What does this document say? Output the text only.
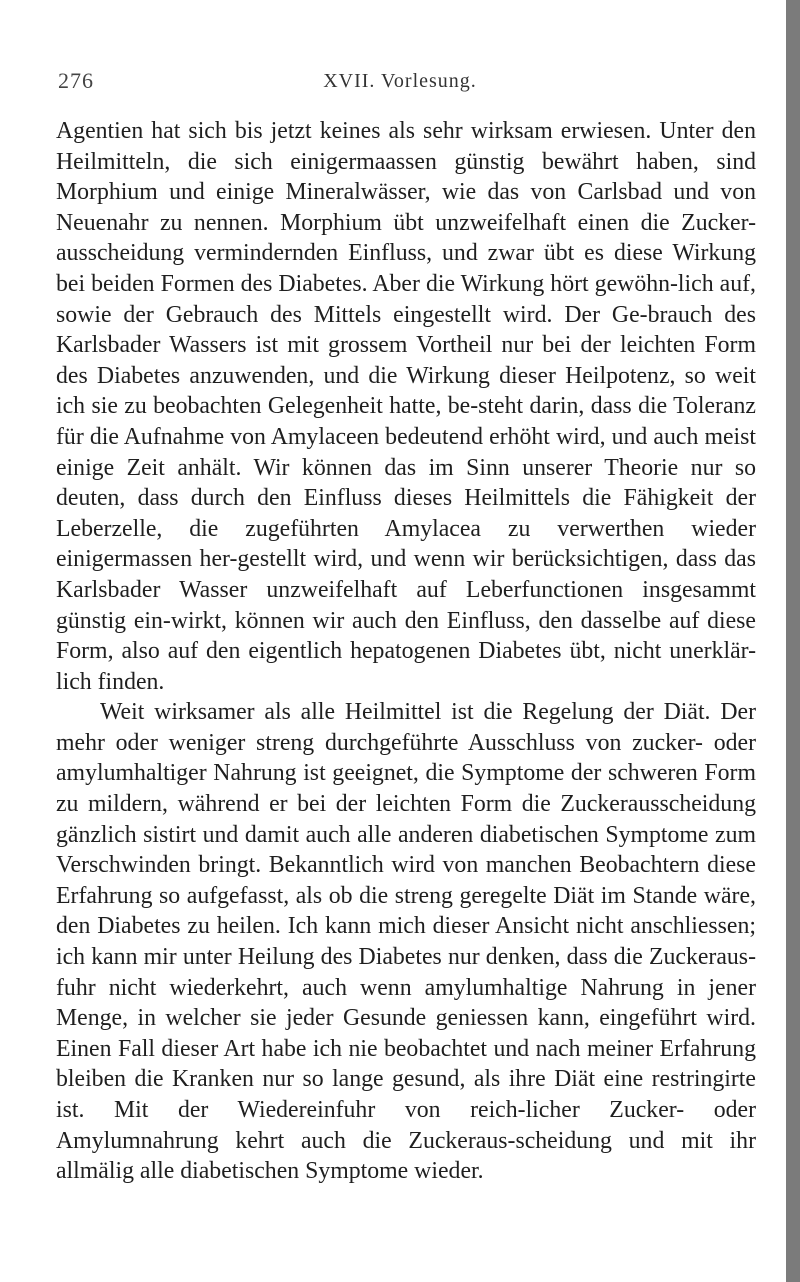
276	XVII. Vorlesung.

Agentien hat sich bis jetzt keines als sehr wirksam erwiesen. Unter den Heilmitteln, die sich einigermaassen günstig bewährt haben, sind Morphium und einige Mineralwässer, wie das von Carlsbad und von Neuenahr zu nennen. Morphium übt unzweifelhaft einen die Zucker-ausscheidung vermindernden Einfluss, und zwar übt es diese Wirkung bei beiden Formen des Diabetes. Aber die Wirkung hört gewöhn-lich auf, sowie der Gebrauch des Mittels eingestellt wird. Der Ge-brauch des Karlsbader Wassers ist mit grossem Vortheil nur bei der leichten Form des Diabetes anzuwenden, und die Wirkung dieser Heilpotenz, so weit ich sie zu beobachten Gelegenheit hatte, be-steht darin, dass die Toleranz für die Aufnahme von Amylaceen bedeutend erhöht wird, und auch meist einige Zeit anhält. Wir können das im Sinn unserer Theorie nur so deuten, dass durch den Einfluss dieses Heilmittels die Fähigkeit der Leberzelle, die zugeführten Amylacea zu verwerthen wieder einigermassen her-gestellt wird, und wenn wir berücksichtigen, dass das Karlsbader Wasser unzweifelhaft auf Leberfunctionen insgesammt günstig ein-wirkt, können wir auch den Einfluss, den dasselbe auf diese Form, also auf den eigentlich hepatogenen Diabetes übt, nicht unerklär-lich finden.

Weit wirksamer als alle Heilmittel ist die Regelung der Diät. Der mehr oder weniger streng durchgeführte Ausschluss von zucker- oder amylumhaltiger Nahrung ist geeignet, die Symptome der schweren Form zu mildern, während er bei der leichten Form die Zuckerausscheidung gänzlich sistirt und damit auch alle anderen diabetischen Symptome zum Verschwinden bringt. Bekanntlich wird von manchen Beobachtern diese Erfahrung so aufgefasst, als ob die streng geregelte Diät im Stande wäre, den Diabetes zu heilen. Ich kann mich dieser Ansicht nicht anschliessen; ich kann mir unter Heilung des Diabetes nur denken, dass die Zuckeraus-fuhr nicht wiederkehrt, auch wenn amylumhaltige Nahrung in jener Menge, in welcher sie jeder Gesunde geniessen kann, eingeführt wird. Einen Fall dieser Art habe ich nie beobachtet und nach meiner Erfahrung bleiben die Kranken nur so lange gesund, als ihre Diät eine restringirte ist. Mit der Wiedereinfuhr von reich-licher Zucker- oder Amylumnahrung kehrt auch die Zuckeraus-scheidung und mit ihr allmälig alle diabetischen Symptome wieder.
